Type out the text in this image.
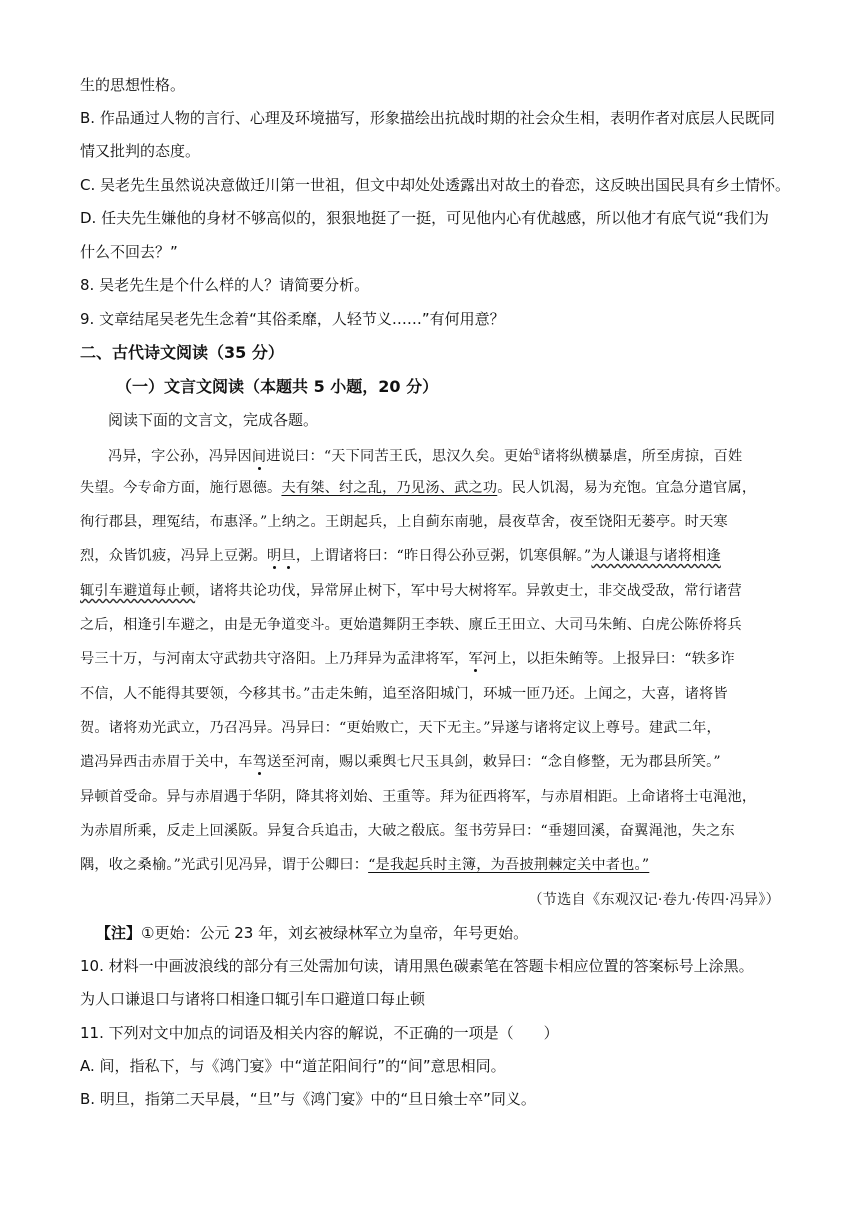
生的思想性格。
B. 作品通过人物的言行、心理及环境描写，形象描绘出抗战时期的社会众生相，表明作者对底层人民既同
情又批判的态度。
C. 吴老先生虽然说决意做迁川第一世祖，但文中却处处透露出对故土的眷恋，这反映出国民具有乡土情怀。
D. 任夫先生嫌他的身材不够高似的，狠狠地挺了一挺，可见他内心有优越感，所以他才有底气说“我们为
什么不回去？”
8. 吴老先生是个什么样的人？请简要分析。
9. 文章结尾吴老先生念着“其俗柔靡，人轻节义……”有何用意？
二、古代诗文阅读（35 分）
（一）文言文阅读（本题共 5 小题，20 分）
阅读下面的文言文，完成各题。
冯异，字公孙，冯异因间进说曰：“天下同苦王氏，思汉久矣。更始①诸将纵横暴虐，所至虏掠，百姓
失望。今专命方面，施行恩德。夫有桀、纣之乱，乃见汤、武之功。民人饥渴，易为充饱。宜急分遣官属，
徇行郡县，理冤结，布惠泽。”上纳之。王朗起兵，上自蓟东南驰，晨夜草舍，夜至饶阳无蒌亭。时天寒
烈，众皆饥疲，冯异上豆粥。明旦，上谓诸将曰：“昨日得公孙豆粥，饥寒俱解。”为人谦退与诸将相逢
辄引车避道每止顿，诸将共论功伐，异常屏止树下，军中号大树将军。异敦吏士，非交战受敌，常行诸营
之后，相逢引车避之，由是无争道变斗。更始遣舞阴王李轶、廪丘王田立、大司马朱鲔、白虎公陈侨将兵
号三十万，与河南太守武勃共守洛阳。上乃拜异为孟津将军，军河上，以拒朱鲔等。上报异曰：“轶多诈
不信，人不能得其要领，今移其书。”击走朱鲔，追至洛阳城门，环城一匝乃还。上闻之，大喜，诸将皆
贺。诸将劝光武立，乃召冯异。冯异曰：“更始败亡，天下无主。”异遂与诸将定议上尊号。建武二年，
遣冯异西击赤眉于关中，车驾送至河南，赐以乘舆七尺玉具剑，敕异曰：“念自修整，无为郡县所笑。”
异顿首受命。异与赤眉遇于华阴，降其将刘始、王重等。拜为征西将军，与赤眉相距。上命诸将士屯渑池，
为赤眉所乘，反走上回溪阪。异复合兵追击，大破之殽底。玺书劳异曰：“垂翅回溪，奋翼渑池，失之东
隅，收之桑榆。”光武引见冯异，谓于公卿曰：“是我起兵时主簿，为吾披荆棘定关中者也。”
（节选自《东观汉记·卷九·传四·冯异》）
【注】①更始：公元 23 年，刘玄被绿林军立为皇帝，年号更始。
10. 材料一中画波浪线的部分有三处需加句读，请用黑色碳素笔在答题卡相应位置的答案标号上涂黑。
为人口谦退口与诸将口相逢口辄引车口避道口每止顿
11. 下列对文中加点的词语及相关内容的解说，不正确的一项是（　　）
A. 间，指私下，与《鸿门宴》中“道芷阳间行”的“间”意思相同。
B. 明旦，指第二天早晨，“旦”与《鸿门宴》中的“旦日飨士卒”同义。
